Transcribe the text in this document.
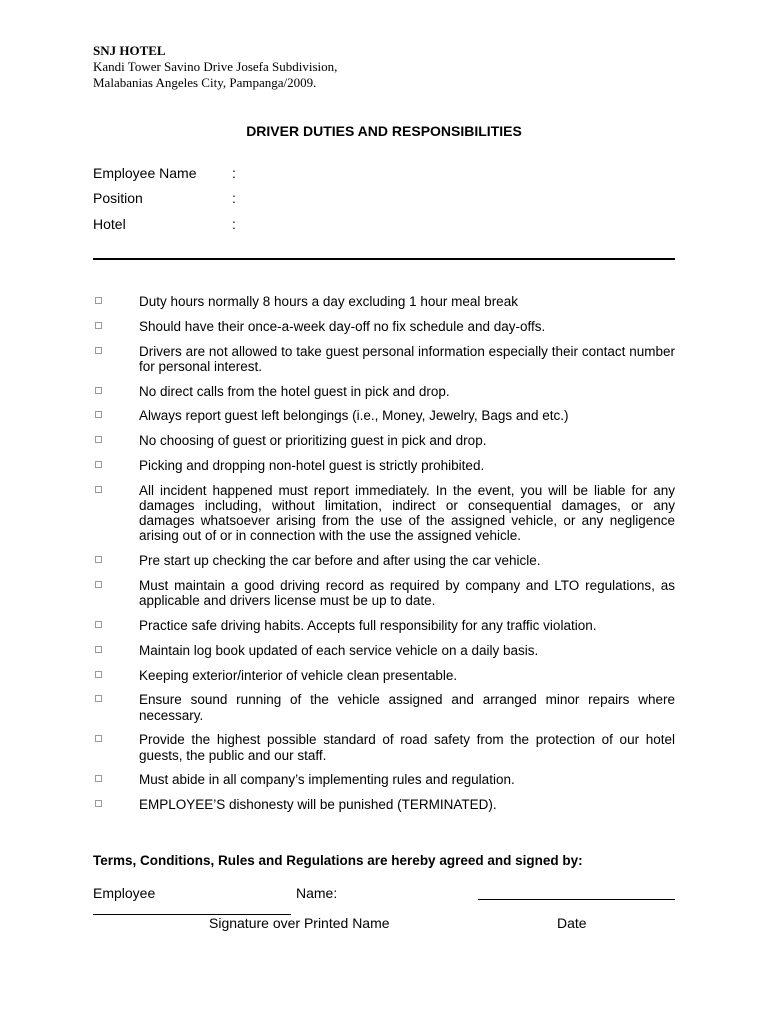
SNJ HOTEL
Kandi Tower Savino Drive Josefa Subdivision,
Malabanias Angeles City, Pampanga/2009.
DRIVER DUTIES AND RESPONSIBILITIES
Employee Name	:
Position	:
Hotel	:
Duty hours normally 8 hours a day excluding 1 hour meal break
Should have their once-a-week day-off no fix schedule and day-offs.
Drivers are not allowed to take guest personal information especially their contact number for personal interest.
No direct calls from the hotel guest in pick and drop.
Always report guest left belongings (i.e., Money, Jewelry, Bags and etc.)
No choosing of guest or prioritizing guest in pick and drop.
Picking and dropping non-hotel guest is strictly prohibited.
All incident happened must report immediately. In the event, you will be liable for any damages including, without limitation, indirect or consequential damages, or any damages whatsoever arising from the use of the assigned vehicle, or any negligence arising out of or in connection with the use the assigned vehicle.
Pre start up checking the car before and after using the car vehicle.
Must maintain a good driving record as required by company and LTO regulations, as applicable and drivers license must be up to date.
Practice safe driving habits. Accepts full responsibility for any traffic violation.
Maintain log book updated of each service vehicle on a daily basis.
Keeping exterior/interior of vehicle clean presentable.
Ensure sound running of the vehicle assigned and arranged minor repairs where necessary.
Provide the highest possible standard of road safety from the protection of our hotel guests, the public and our staff.
Must abide in all company’s implementing rules and regulation.
EMPLOYEE’S dishonesty will be punished (TERMINATED).
Terms, Conditions, Rules and Regulations are hereby agreed and signed by:
Employee	Name:
Signature over Printed Name	Date
